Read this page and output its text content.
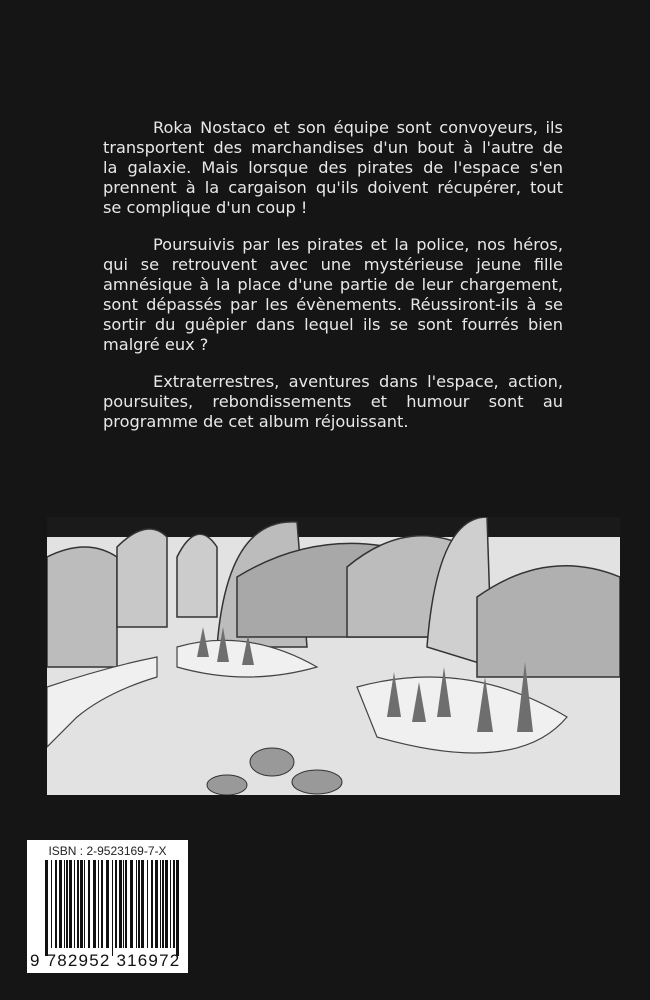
Roka Nostaco et son équipe sont convoyeurs, ils
transportent des marchandises d'un bout à l'autre de
la galaxie. Mais lorsque des pirates de l'espace s'en
prennent à la cargaison qu'ils doivent récupérer, tout
se complique d'un coup !
Poursuivis par les pirates et la police, nos héros,
qui se retrouvent avec une mystérieuse jeune fille
amnésique à la place d'une partie de leur chargement,
sont dépassés par les évènements. Réussiront-ils à se
sortir du guêpier dans lequel ils se sont fourrés bien
malgré eux ?
Extraterrestres, aventures dans l'espace, action,
poursuites, rebondissements et humour sont au
programme de cet album réjouissant.
ISBN : 2-9523169-7-X
9 782952 316972
